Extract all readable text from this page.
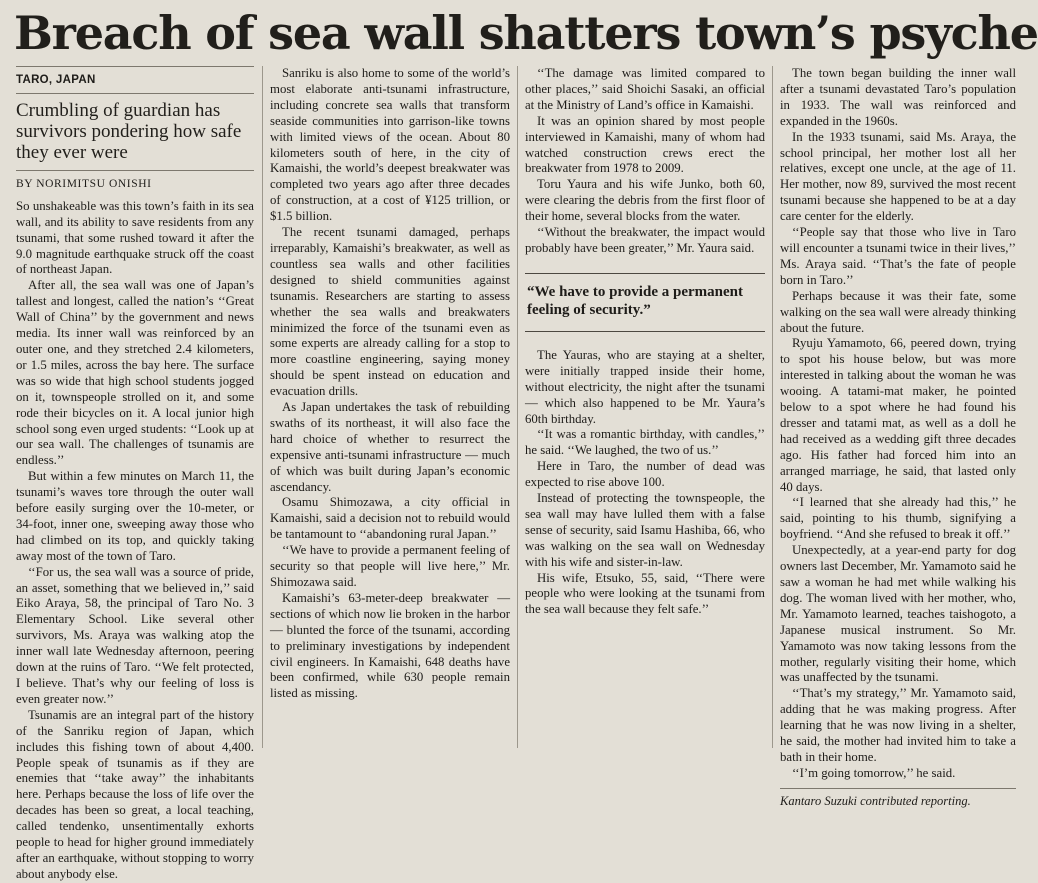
Breach of sea wall shatters town’s psyche
TARO, JAPAN
Crumbling of guardian has survivors pondering how safe they ever were
BY NORIMITSU ONISHI

So unshakeable was this town’s faith in its sea wall, and its ability to save residents from any tsunami, that some rushed toward it after the 9.0 magnitude earthquake struck off the coast of northeast Japan.

After all, the sea wall was one of Japan’s tallest and longest, called the nation’s ‘‘Great Wall of China’’ by the government and news media. Its inner wall was reinforced by an outer one, and they stretched 2.4 kilometers, or 1.5 miles, across the bay here. The surface was so wide that high school students jogged on it, townspeople strolled on it, and some rode their bicycles on it. A local junior high school song even urged students: ‘‘Look up at our sea wall. The challenges of tsunamis are endless.’’

But within a few minutes on March 11, the tsunami’s waves tore through the outer wall before easily surging over the 10-meter, or 34-foot, inner one, sweeping away those who had climbed on its top, and quickly taking away most of the town of Taro.

‘‘For us, the sea wall was a source of pride, an asset, something that we believed in,’’ said Eiko Araya, 58, the principal of Taro No. 3 Elementary School. Like several other survivors, Ms. Araya was walking atop the inner wall late Wednesday afternoon, peering down at the ruins of Taro. ‘‘We felt protected, I believe. That’s why our feeling of loss is even greater now.’’

Tsunamis are an integral part of the history of the Sanriku region of Japan, which includes this fishing town of about 4,400. People speak of tsunamis as if they are enemies that ‘‘take away’’ the inhabitants here. Perhaps because the loss of life over the decades has been so great, a local teaching, called tendenko, unsentimentally exhorts people to head for higher ground immediately after an earthquake, without stopping to worry about anybody else.

Sanriku is also home to some of the world’s most elaborate anti-tsunami infrastructure, including concrete sea walls that transform seaside communities into garrison-like towns with limited views of the ocean. About 80 kilometers south of here, in the city of Kamaishi, the world’s deepest breakwater was completed two years ago after three decades of construction, at a cost of ¥125 trillion, or $1.5 billion.

The recent tsunami damaged, perhaps irreparably, Kamaishi’s breakwater, as well as countless sea walls and other facilities designed to shield communities against tsunamis. Researchers are starting to assess whether the sea walls and breakwaters minimized the force of the tsunami even as some experts are already calling for a stop to more coastline engineering, saying money should be spent instead on education and evacuation drills.

As Japan undertakes the task of rebuilding swaths of its northeast, it will also face the hard choice of whether to resurrect the expensive anti-tsunami infrastructure — much of which was built during Japan’s economic ascendancy.

Osamu Shimozawa, a city official in Kamaishi, said a decision not to rebuild would be tantamount to ‘‘abandoning rural Japan.’’

‘‘We have to provide a permanent feeling of security so that people will live here,’’ Mr. Shimozawa said.

Kamaishi’s 63-meter-deep breakwater — sections of which now lie broken in the harbor — blunted the force of the tsunami, according to preliminary investigations by independent civil engineers. In Kamaishi, 648 deaths have been confirmed, while 630 people remain listed as missing.

‘‘The damage was limited compared to other places,’’ said Shoichi Sasaki, an official at the Ministry of Land’s office in Kamaishi.

It was an opinion shared by most people interviewed in Kamaishi, many of whom had watched construction crews erect the breakwater from 1978 to 2009.

Toru Yaura and his wife Junko, both 60, were clearing the debris from the first floor of their home, several blocks from the water.

‘‘Without the breakwater, the impact would probably have been greater,’’ Mr. Yaura said.

“We have to provide a permanent feeling of security.”

The Yauras, who are staying at a shelter, were initially trapped inside their home, without electricity, the night after the tsunami — which also happened to be Mr. Yaura’s 60th birthday.

‘‘It was a romantic birthday, with candles,’’ he said. ‘‘We laughed, the two of us.’’

Here in Taro, the number of dead was expected to rise above 100.

Instead of protecting the townspeople, the sea wall may have lulled them with a false sense of security, said Isamu Hashiba, 66, who was walking on the sea wall on Wednesday with his wife and sister-in-law.

His wife, Etsuko, 55, said, ‘‘There were people who were looking at the tsunami from the sea wall because they felt safe.’’

The town began building the inner wall after a tsunami devastated Taro’s population in 1933. The wall was reinforced and expanded in the 1960s.

In the 1933 tsunami, said Ms. Araya, the school principal, her mother lost all her relatives, except one uncle, at the age of 11. Her mother, now 89, survived the most recent tsunami because she happened to be at a day care center for the elderly.

‘‘People say that those who live in Taro will encounter a tsunami twice in their lives,’’ Ms. Araya said. ‘‘That’s the fate of people born in Taro.’’

Perhaps because it was their fate, some walking on the sea wall were already thinking about the future.

Ryuju Yamamoto, 66, peered down, trying to spot his house below, but was more interested in talking about the woman he was wooing. A tatami-mat maker, he pointed below to a spot where he had found his dresser and tatami mat, as well as a doll he had received as a wedding gift three decades ago. His father had forced him into an arranged marriage, he said, that lasted only 40 days.

‘‘I learned that she already had this,’’ he said, pointing to his thumb, signifying a boyfriend. ‘‘And she refused to break it off.’’

Unexpectedly, at a year-end party for dog owners last December, Mr. Yamamoto said he saw a woman he had met while walking his dog. The woman lived with her mother, who, Mr. Yamamoto learned, teaches taishogoto, a Japanese musical instrument. So Mr. Yamamoto was now taking lessons from the mother, regularly visiting their home, which was unaffected by the tsunami.

‘‘That’s my strategy,’’ Mr. Yamamoto said, adding that he was making progress. After learning that he was now living in a shelter, he said, the mother had invited him to take a bath in their home.

‘‘I’m going tomorrow,’’ he said.

Kantaro Suzuki contributed reporting.
